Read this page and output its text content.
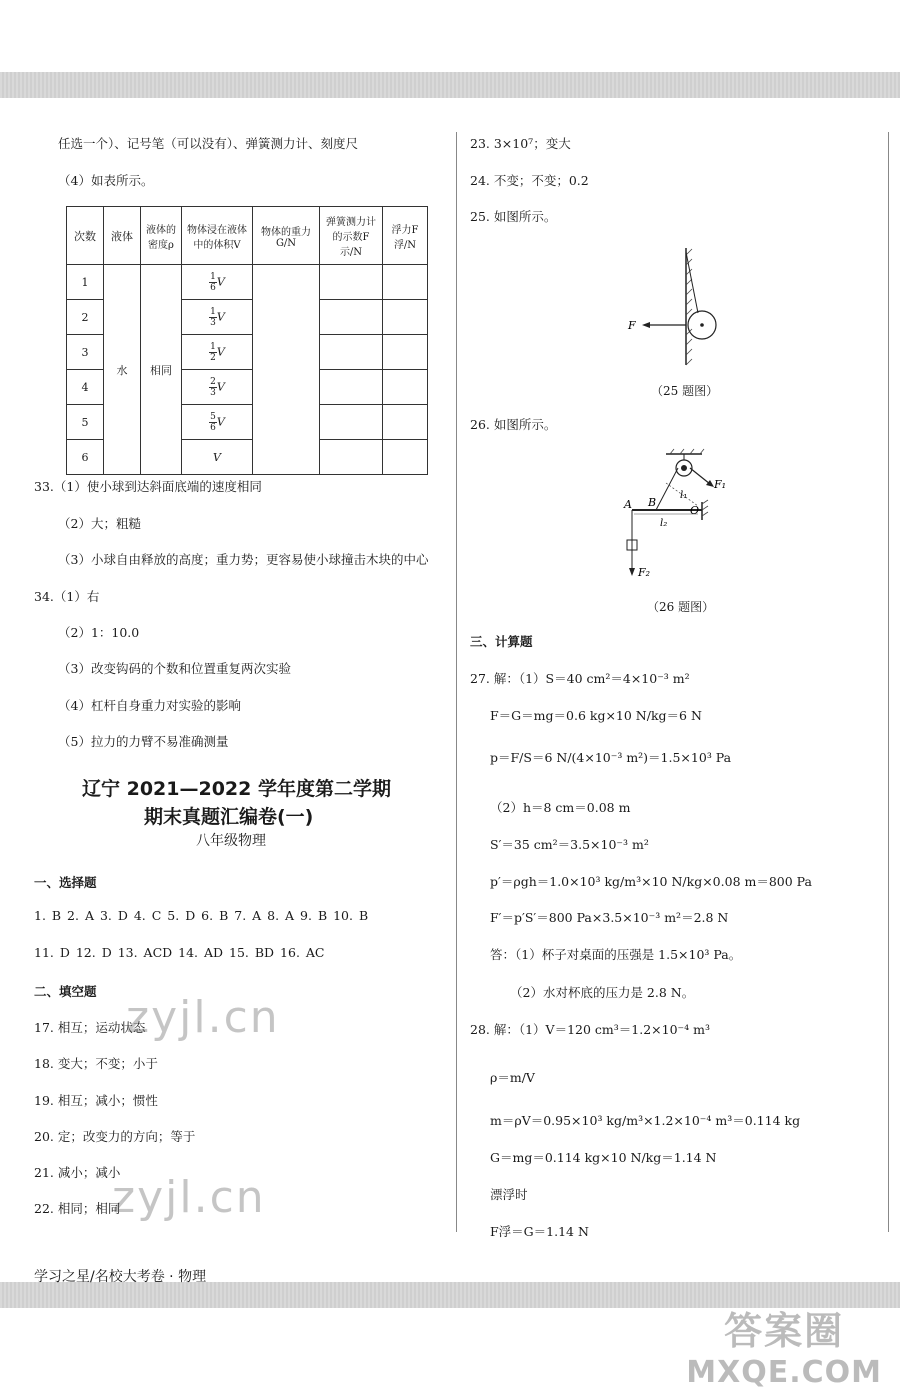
任选一个）、记号笔（可以没有）、弹簧测力计、刻度尺
（4）如表所示。
次数	液体	液体的密度ρ	物体浸在液体中的体积V	物体的重力G/N	弹簧测力计的示数F示/N	浮力F浮/N
1	水	相同	$\frac{1}{6}$ V			
2			$\frac{1}{3}$ V			
3			$\frac{1}{2}$ V			
4			$\frac{2}{3}$ V			
5			$\frac{5}{6}$ V			
6			V			
33.（1）使小球到达斜面底端的速度相同
（2）大；粗糙
（3）小球自由释放的高度；重力势；更容易使小球撞击木块的中心
34.（1）右
（2）1：10.0
（3）改变钩码的个数和位置重复两次实验
（4）杠杆自身重力对实验的影响
（5）拉力的力臂不易准确测量
辽宁 2021—2022 学年度第二学期
期末真题汇编卷(一)
八年级物理
一、选择题
1. B 2. A 3. D 4. C 5. D 6. B 7. A 8. A 9. B 10. B
11. D 12. D 13. ACD 14. AD 15. BD 16. AC
二、填空题
17. 相互；运动状态
18. 变大；不变；小于
19. 相互；减小；惯性
20. 定；改变力的方向；等于
21. 减小；减小
22. 相同；相同
zyjl.cn
zyjl.cn
学习之星/名校大考卷 · 物理
23. 3×10⁷；变大
24. 不变；不变；0.2
25. 如图所示。
F
（25 题图）
26. 如图所示。
A B
O
F₁
F₂
l₁
l₂
（26 题图）
三、计算题
27. 解：（1）S＝40 cm²＝4×10⁻³ m²
F＝G＝mg＝0.6 kg×10 N/kg＝6 N
p＝F/S＝6 N/(4×10⁻³ m²)＝1.5×10³ Pa
（2）h＝8 cm＝0.08 m
S′＝35 cm²＝3.5×10⁻³ m²
p′＝ρgh＝1.0×10³ kg/m³×10 N/kg×0.08 m＝800 Pa
F′＝p′S′＝800 Pa×3.5×10⁻³ m²＝2.8 N
答：（1）杯子对桌面的压强是 1.5×10³ Pa。
（2）水对杯底的压力是 2.8 N。
28. 解：（1）V＝120 cm³＝1.2×10⁻⁴ m³
ρ＝m/V
m＝ρV＝0.95×10³ kg/m³×1.2×10⁻⁴ m³＝0.114 kg
G＝mg＝0.114 kg×10 N/kg＝1.14 N
漂浮时
F浮＝G＝1.14 N
答案圈
MXQE.COM
